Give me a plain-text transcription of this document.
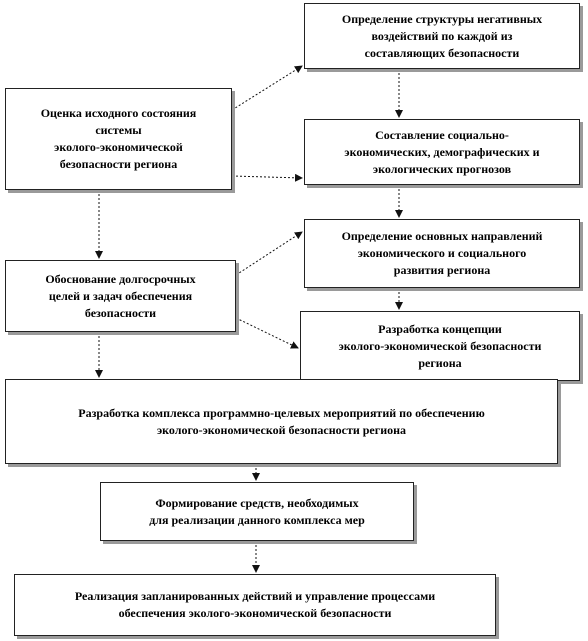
Оценка исходного состояния
системы
эколого-экономической
безопасности региона
Определение структуры негативных
воздействий по каждой из
составляющих безопасности
Составление социально-
экономических, демографических и
экологических прогнозов
Обоснование долгосрочных
целей и задач обеспечения
безопасности
Определение основных направлений
экономического и социального
развития региона
Разработка концепции
эколого-экономической безопасности
региона
Разработка комплекса программно-целевых мероприятий по обеспечению
эколого-экономической безопасности региона
Формирование средств, необходимых
для реализации данного комплекса мер
Реализация запланированных действий и управление процессами
обеспечения эколого-экономической безопасности
